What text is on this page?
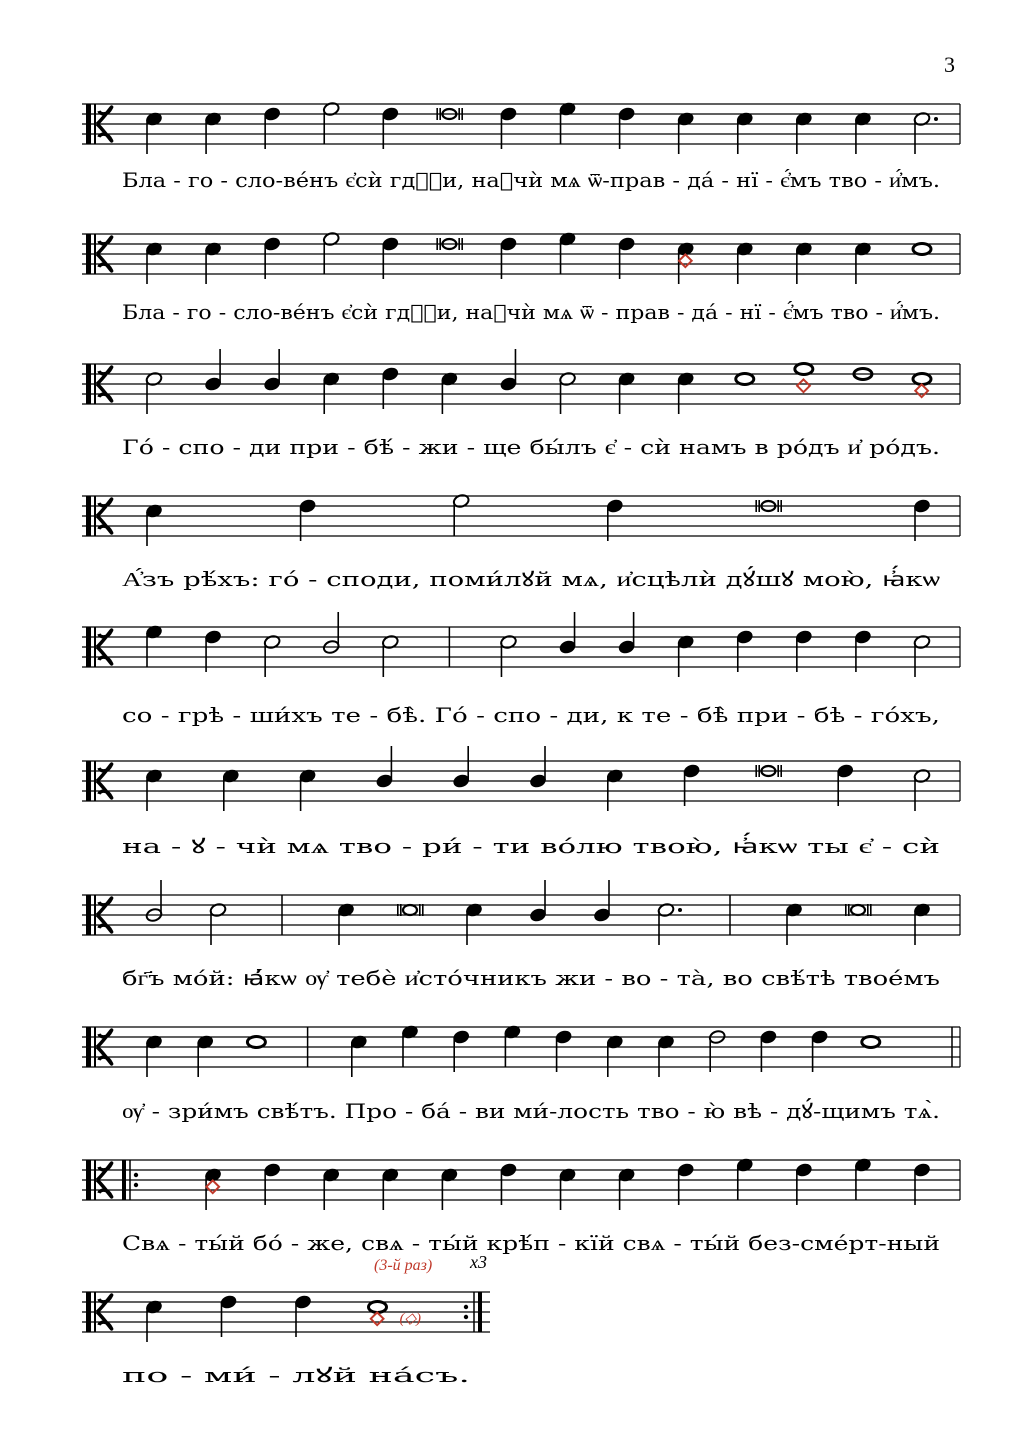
3
Бла - го - сло-вéнъ є҆сѝ гдⷭ҇и, наꙋчѝ мѧ ѿ-прав - дá - нї - є҆́мъ тво - и҆́мъ.
Бла - го - сло-вéнъ є҆сѝ гдⷭ҇и, наꙋчѝ мѧ ѿ - прав - дá - нї - є҆́мъ тво - и҆́мъ.
Гó - спо - ди при - бѣ́ - жи - ще бы́лъ є҆ - сѝ намъ в ро́дъ и҆ ро́дъ.
А҆́зъ рѣ́хъ: гó - споди, поми́лꙋй мѧ, и҆сцѣлѝ дꙋ́шꙋ мою̀, ꙗ҆́кѡ
со - грѣ - ши́хъ те - бѣ̀. Гó - спо - ди, к те - бѣ̀ при - бѣ - гóхъ,
на - ꙋ - чѝ мѧ тво - ри́ - ти во́лю твою̀, ꙗ҆́кѡ ты є҆ - сѝ
бг҃ъ мо́й: ꙗ҆́кѡ ѹ҆ тебѐ и҆сто́чникъ жи - во - та̀, во свѣ́тѣ твое́мъ
ѹ҆ - зри́мъ свѣ́тъ. Про - бá - ви ми́-лость тво - ю̀ вѣ - дꙋ́-щимъ тѧ̀.
Свѧ - ты́й бо́ - же, свѧ - ты́й крѣ́п - кїй свѧ - ты́й без-смéрт-ный
(◇)
по - ми́ - лꙋй на́съ.
(3-й раз) x3
